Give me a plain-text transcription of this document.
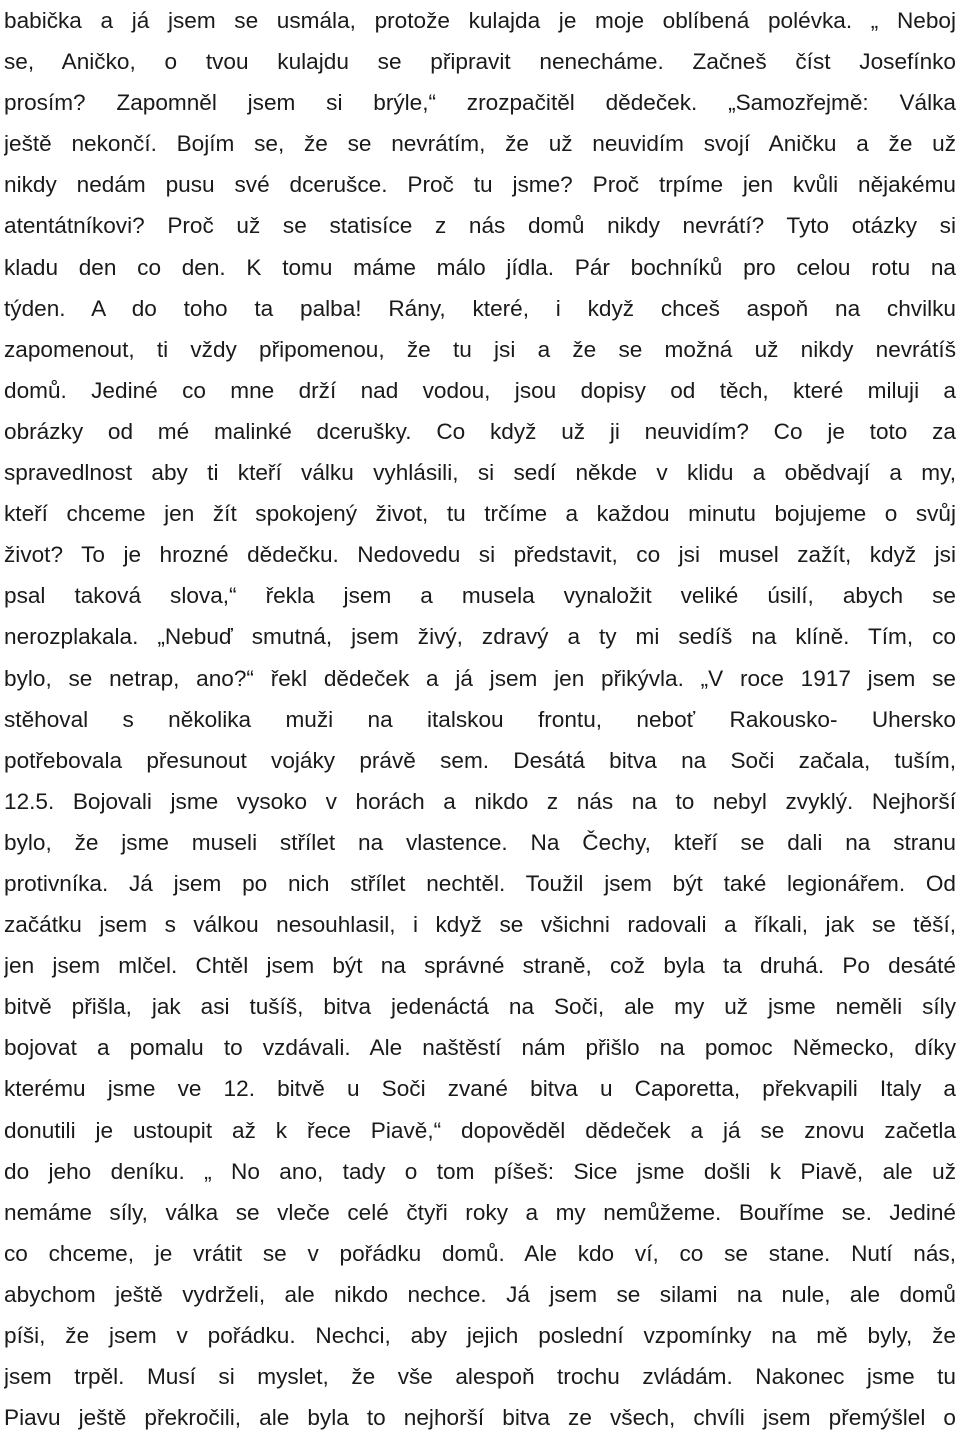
babička a já jsem se usmála, protože kulajda je moje oblíbená polévka. „ Neboj
se, Aničko, o tvou kulajdu se připravit nenecháme. Začneš číst Josefínko
prosím? Zapomněl jsem si brýle,“ zrozpačitěl dědeček. „Samozřejmě: Válka
ještě nekončí. Bojím se, že se nevrátím, že už neuvidím svojí Aničku a že už
nikdy nedám pusu své dcerušce. Proč tu jsme? Proč trpíme jen kvůli nějakému
atentátníkovi? Proč už se statisíce z nás domů nikdy nevrátí? Tyto otázky si
kladu den co den. K tomu máme málo jídla. Pár bochníků pro celou rotu na
týden. A do toho ta palba! Rány, které, i když chceš aspoň na chvilku
zapomenout, ti vždy připomenou, že tu jsi a že se možná už nikdy nevrátíš
domů. Jediné co mne drží nad vodou, jsou dopisy od těch, které miluji a
obrázky od mé malinké dcerušky. Co když už ji neuvidím? Co je toto za
spravedlnost aby ti kteří válku vyhlásili, si sedí někde v klidu a obědvají a my,
kteří chceme jen žít spokojený život, tu trčíme a každou minutu bojujeme o svůj
život? To je hrozné dědečku. Nedovedu si představit, co jsi musel zažít, když jsi
psal taková slova,“ řekla jsem a musela vynaložit veliké úsilí, abych se
nerozplakala. „Nebuď smutná, jsem živý, zdravý a ty mi sedíš na klíně. Tím, co
bylo, se netrap, ano?“ řekl dědeček a já jsem jen přikývla. „V roce 1917 jsem se
stěhoval s několika muži na italskou frontu, neboť Rakousko- Uhersko
potřebovala přesunout vojáky právě sem. Desátá bitva na Soči začala, tuším,
12.5. Bojovali jsme vysoko v horách a nikdo z nás na to nebyl zvyklý. Nejhorší
bylo, že jsme museli střílet na vlastence. Na Čechy, kteří se dali na stranu
protivníka. Já jsem po nich střílet nechtěl. Toužil jsem být také legionářem. Od
začátku jsem s válkou nesouhlasil, i když se všichni radovali a říkali, jak se těší,
jen jsem mlčel. Chtěl jsem být na správné straně, což byla ta druhá. Po desáté
bitvě přišla, jak asi tušíš, bitva jedenáctá na Soči, ale my už jsme neměli síly
bojovat a pomalu to vzdávali. Ale naštěstí nám přišlo na pomoc Německo, díky
kterému jsme ve 12. bitvě u Soči zvané bitva u Caporetta, překvapili Italy a
donutili je ustoupit až k řece Piavě,“ dopověděl dědeček a já se znovu začetla
do jeho deníku. „ No ano, tady o tom píšeš: Sice jsme došli k Piavě, ale už
nemáme síly, válka se vleče celé čtyři roky a my nemůžeme. Bouříme se. Jediné
co chceme, je vrátit se v pořádku domů. Ale kdo ví, co se stane. Nutí nás,
abychom ještě vydrželi, ale nikdo nechce. Já jsem se silami na nule, ale domů
píši, že jsem v pořádku. Nechci, aby jejich poslední vzpomínky na mě byly, že
jsem trpěl. Musí si myslet, že vše alespoň trochu zvládám. Nakonec jsme tu
Piavu ještě překročili, ale byla to nejhorší bitva ze všech, chvíli jsem přemýšlel o
